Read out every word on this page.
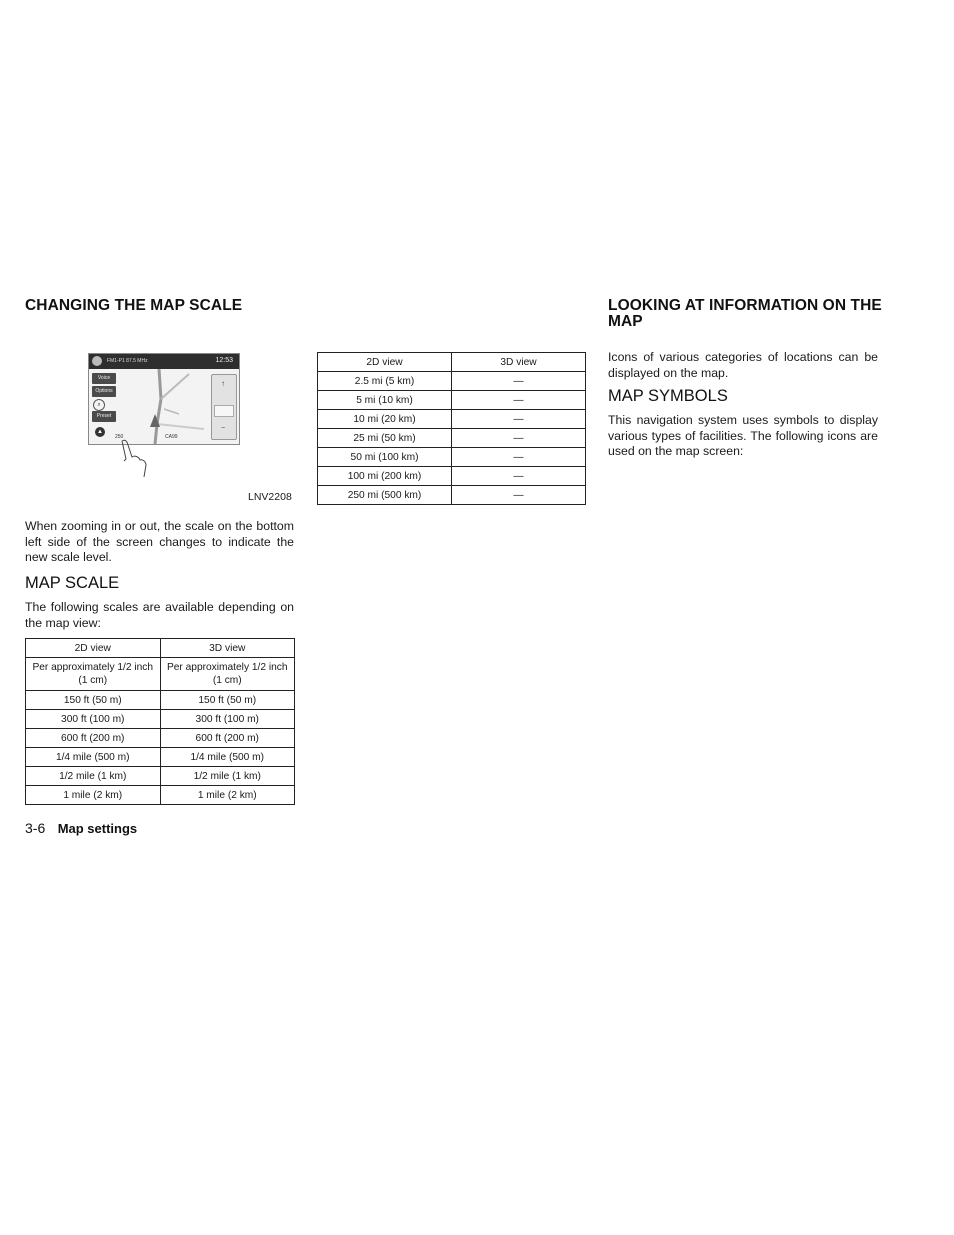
CHANGING THE MAP SCALE
FM1-P1 87.5 MHz	12:53
Voice
Options
⌕
Preset
▲
CA99
250
↑
−
LNV2208

When zooming in or out, the scale on the bottom left side of the screen changes to indicate the new scale level.

MAP SCALE

The following scales are available depending on the map view:

2D view	3D view
Per approximately 1/2 inch (1 cm)	Per approximately 1/2 inch (1 cm)
150 ft (50 m)	150 ft (50 m)
300 ft (100 m)	300 ft (100 m)
600 ft (200 m)	600 ft (200 m)
1/4 mile (500 m)	1/4 mile (500 m)
1/2 mile (1 km)	1/2 mile (1 km)
1 mile (2 km)	1 mile (2 km)
3-6 Map settings
2D view	3D view
2.5 mi (5 km)	—
5 mi (10 km)	—
10 mi (20 km)	—
25 mi (50 km)	—
50 mi (100 km)	—
100 mi (200 km)	—
250 mi (500 km)	—
LOOKING AT INFORMATION ON THE
MAP

Icons of various categories of locations can be displayed on the map.

MAP SYMBOLS

This navigation system uses symbols to display various types of facilities. The following icons are used on the map screen:
